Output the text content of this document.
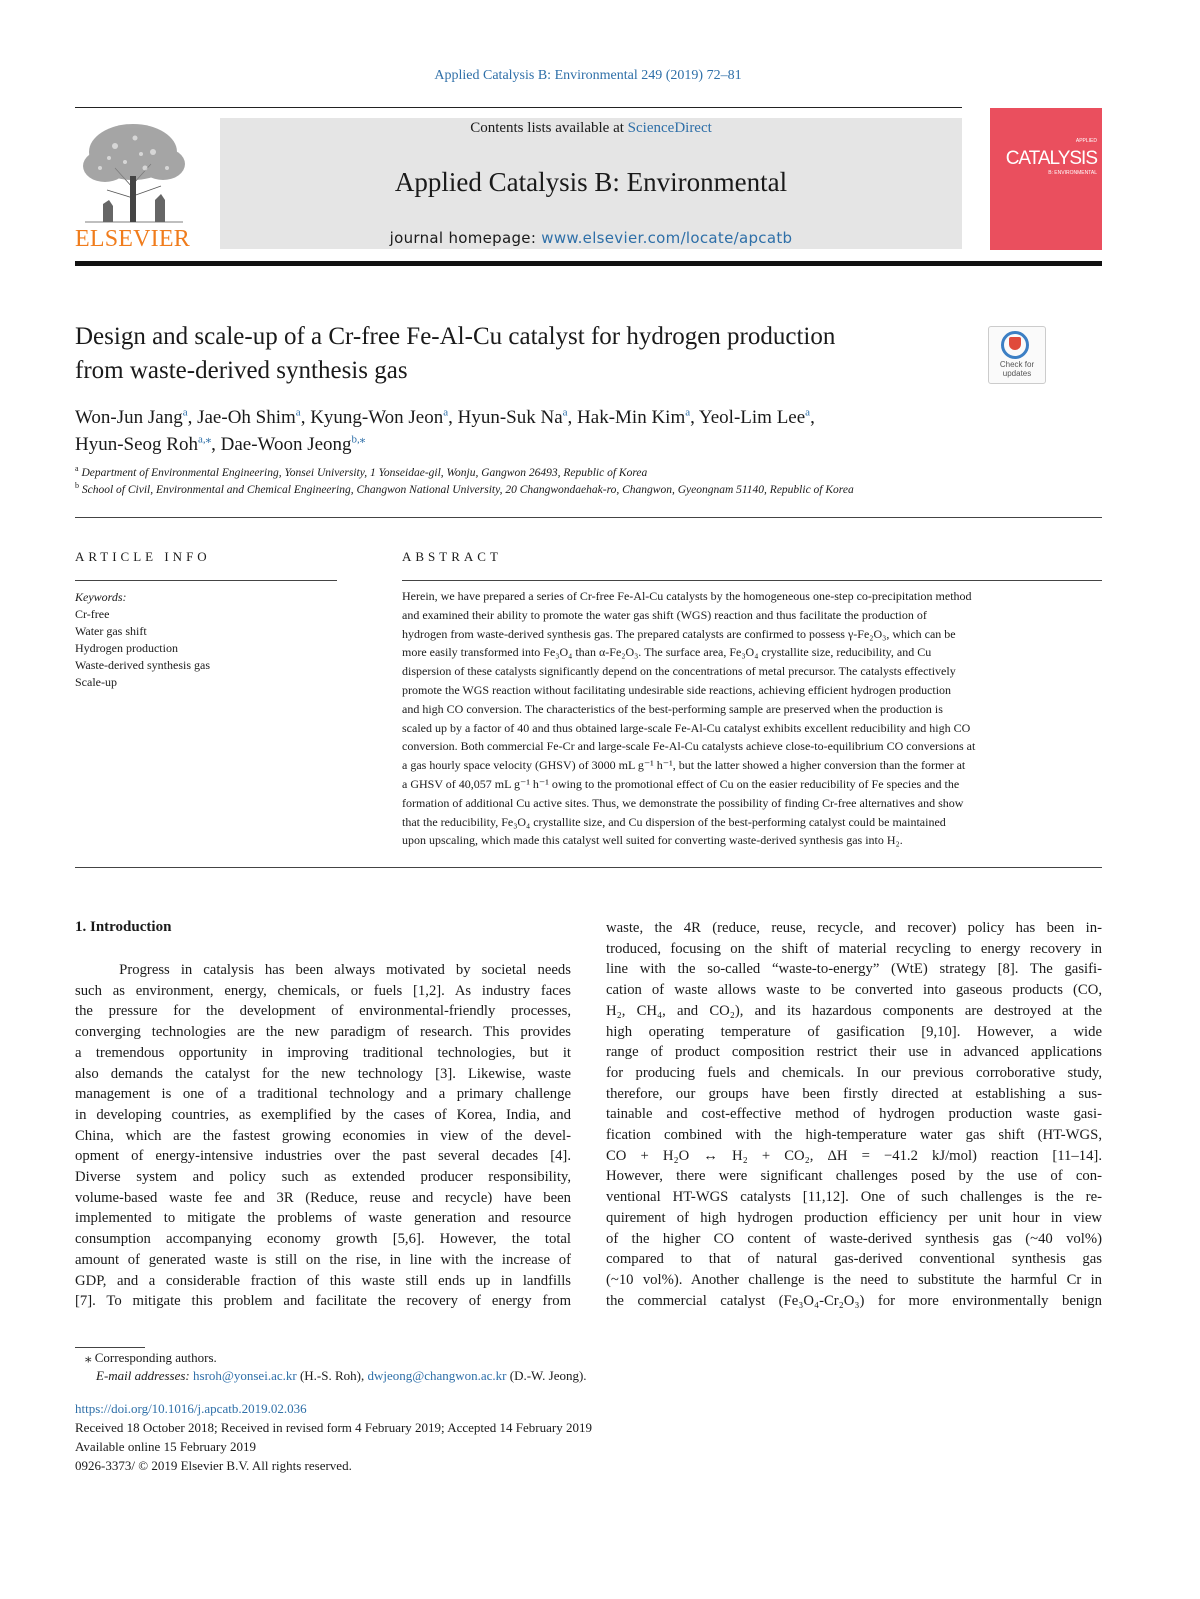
Applied Catalysis B: Environmental 249 (2019) 72–81
ELSEVIER
Contents lists available at ScienceDirect
Applied Catalysis B: Environmental
journal homepage: www.elsevier.com/locate/apcatb
APPLIED
CATALYSIS
B: ENVIRONMENTAL
Design and scale-up of a Cr-free Fe-Al-Cu catalyst for hydrogen production
from waste-derived synthesis gas	Check for updates
Won-Jun Jang$^a$, Jae-Oh Shim$^a$, Kyung-Won Jeon$^a$, Hyun-Suk Na$^a$, Hak-Min Kim$^a$, Yeol-Lim Lee$^a$,
Hyun-Seog Roh$^{a,⁎}$, Dae-Woon Jeong$^{b,⁎}$
$^a$ Department of Environmental Engineering, Yonsei University, 1 Yonseidae-gil, Wonju, Gangwon 26493, Republic of Korea
$^b$ School of Civil, Environmental and Chemical Engineering, Changwon National University, 20 Changwondaehak-ro, Changwon, Gyeongnam 51140, Republic of Korea
ARTICLE INFO
Keywords:
Cr-free
Water gas shift
Hydrogen production
Waste-derived synthesis gas
Scale-up
ABSTRACT
Herein, we have prepared a series of Cr-free Fe-Al-Cu catalysts by the homogeneous one-step co-precipitation method
and examined their ability to promote the water gas shift (WGS) reaction and thus facilitate the production of
hydrogen from waste-derived synthesis gas. The prepared catalysts are confirmed to possess γ-Fe₂O₃, which can be
more easily transformed into Fe₃O₄ than α-Fe₂O₃. The surface area, Fe₃O₄ crystallite size, reducibility, and Cu
dispersion of these catalysts significantly depend on the concentrations of metal precursor. The catalysts effectively
promote the WGS reaction without facilitating undesirable side reactions, achieving efficient hydrogen production
and high CO conversion. The characteristics of the best-performing sample are preserved when the production is
scaled up by a factor of 40 and thus obtained large-scale Fe-Al-Cu catalyst exhibits excellent reducibility and high CO
conversion. Both commercial Fe-Cr and large-scale Fe-Al-Cu catalysts achieve close-to-equilibrium CO conversions at
a gas hourly space velocity (GHSV) of 3000 mL g⁻¹ h⁻¹, but the latter showed a higher conversion than the former at
a GHSV of 40,057 mL g⁻¹ h⁻¹ owing to the promotional effect of Cu on the easier reducibility of Fe species and the
formation of additional Cu active sites. Thus, we demonstrate the possibility of finding Cr-free alternatives and show
that the reducibility, Fe₃O₄ crystallite size, and Cu dispersion of the best-performing catalyst could be maintained
upon upscaling, which made this catalyst well suited for converting waste-derived synthesis gas into H₂.
1. Introduction
Progress in catalysis has been always motivated by societal needs
such as environment, energy, chemicals, or fuels [1,2]. As industry faces
the pressure for the development of environmental-friendly processes,
converging technologies are the new paradigm of research. This provides
a tremendous opportunity in improving traditional technologies, but it
also demands the catalyst for the new technology [3]. Likewise, waste
management is one of a traditional technology and a primary challenge
in developing countries, as exemplified by the cases of Korea, India, and
China, which are the fastest growing economies in view of the devel-
opment of energy-intensive industries over the past several decades [4].
Diverse system and policy such as extended producer responsibility,
volume-based waste fee and 3R (Reduce, reuse and recycle) have been
implemented to mitigate the problems of waste generation and resource
consumption accompanying economy growth [5,6]. However, the total
amount of generated waste is still on the rise, in line with the increase of
GDP, and a considerable fraction of this waste still ends up in landfills
[7]. To mitigate this problem and facilitate the recovery of energy from
waste, the 4R (reduce, reuse, recycle, and recover) policy has been in-
troduced, focusing on the shift of material recycling to energy recovery in
line with the so-called “waste-to-energy” (WtE) strategy [8]. The gasifi-
cation of waste allows waste to be converted into gaseous products (CO,
H₂, CH₄, and CO₂), and its hazardous components are destroyed at the
high operating temperature of gasification [9,10]. However, a wide
range of product composition restrict their use in advanced applications
for producing fuels and chemicals. In our previous corroborative study,
therefore, our groups have been firstly directed at establishing a sus-
tainable and cost-effective method of hydrogen production waste gasi-
fication combined with the high-temperature water gas shift (HT-WGS,
CO + H₂O ↔ H₂ + CO₂, ΔH = −41.2 kJ/mol) reaction [11–14].
However, there were significant challenges posed by the use of con-
ventional HT-WGS catalysts [11,12]. One of such challenges is the re-
quirement of high hydrogen production efficiency per unit hour in view
of the higher CO content of waste-derived synthesis gas (~40 vol%)
compared to that of natural gas-derived conventional synthesis gas
(~10 vol%). Another challenge is the need to substitute the harmful Cr in
the commercial catalyst (Fe₃O₄-Cr₂O₃) for more environmentally benign
⁎ Corresponding authors.
E-mail addresses: hsroh@yonsei.ac.kr (H.-S. Roh), dwjeong@changwon.ac.kr (D.-W. Jeong).
https://doi.org/10.1016/j.apcatb.2019.02.036
Received 18 October 2018; Received in revised form 4 February 2019; Accepted 14 February 2019
Available online 15 February 2019
0926-3373/ © 2019 Elsevier B.V. All rights reserved.
